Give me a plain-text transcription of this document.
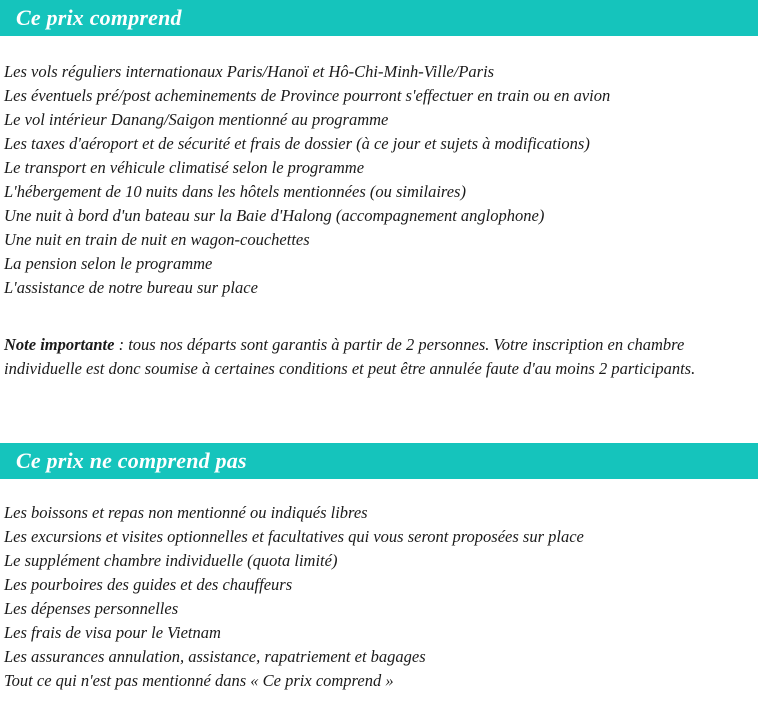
Ce prix comprend
Les vols réguliers internationaux Paris/Hanoï et Hô-Chi-Minh-Ville/Paris
Les éventuels pré/post acheminements de Province pourront s'effectuer en train ou en avion
Le vol intérieur Danang/Saigon mentionné au programme
Les taxes d'aéroport et de sécurité et frais de dossier (à ce jour et sujets à modifications)
Le transport en véhicule climatisé selon le programme
L'hébergement de 10 nuits dans les hôtels mentionnées (ou similaires)
Une nuit à bord d'un bateau sur la Baie d'Halong (accompagnement anglophone)
Une nuit en train de nuit en wagon-couchettes
La pension selon le programme
L'assistance de notre bureau sur place

Note importante : tous nos départs sont garantis à partir de 2 personnes. Votre inscription en chambre individuelle est donc soumise à certaines conditions et peut être annulée faute d'au moins 2 participants.

Ce prix ne comprend pas
Les boissons et repas non mentionné ou indiqués libres
Les excursions et visites optionnelles et facultatives qui vous seront proposées sur place
Le supplément chambre individuelle (quota limité)
Les pourboires des guides et des chauffeurs
Les dépenses personnelles
Les frais de visa pour le Vietnam
Les assurances annulation, assistance, rapatriement et bagages
Tout ce qui n'est pas mentionné dans « Ce prix comprend »
